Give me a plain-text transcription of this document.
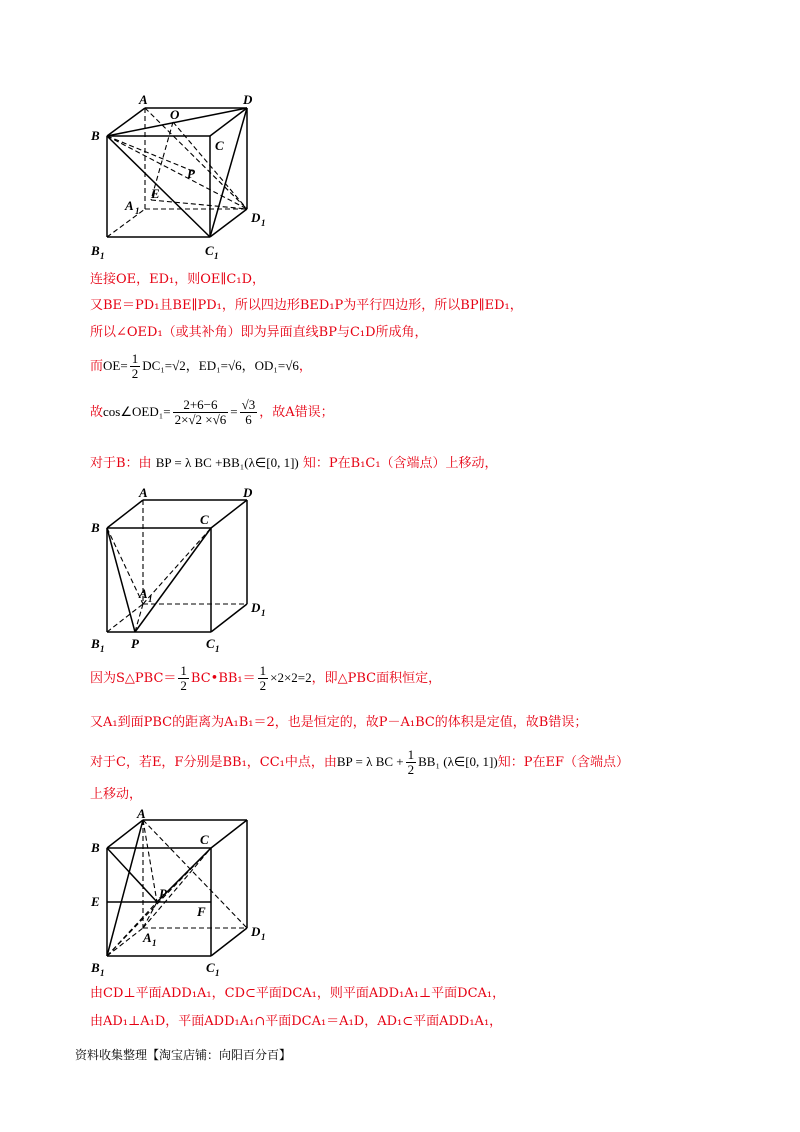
A
O
D
B
C
P
E
A 1	D 1
B 1	C 1
连接OE，ED₁，则OE∥C₁D，
又BE＝PD₁且BE∥PD₁，所以四边形BED₁P为平行四边形，所以BP∥ED₁，
所以∠OED₁（或其补角）即为异面直线BP与C₁D所成角，
而$OE= \frac{1}{2} DC_1=√2$，ED₁=√6，OD₁=√6，
故cos∠OED₁= $\frac{2+6-6}{2\times√2 \times√6} = \frac{√3}{6}$ ，故A错误；
对于B：由 BP = λ BC +BB₁(λ∈[0, 1]) 知：P在B₁C₁（含端点）上移动，
A	D
B
C
A 1
D 1
B 1 P	C 1
因为S△PBC＝ $\frac{1}{2}$ BC•BB₁＝ $\frac{1}{2} \times 2\times 2=2$，即△PBC面积恒定，
又A₁到面PBC的距离为A₁B₁＝2，也是恒定的，故P－A₁BC的体积是定值，故B错误；
对于C，若E，F分别是BB₁，CC₁中点，由BP = λ BC + $\frac{1}{2} BB_1$ (λ∈[0, 1])知：P在EF（含端点）
上移动，
A
B
C
E
P
F
A 1
D 1
B 1	C 1
由CD⊥平面ADD₁A₁，CD⊂平面DCA₁，则平面ADD₁A₁⊥平面DCA₁，
由AD₁⊥A₁D，平面ADD₁A₁∩平面DCA₁＝A₁D，AD₁⊂平面ADD₁A₁，
资料收集整理【淘宝店铺：向阳百分百】
